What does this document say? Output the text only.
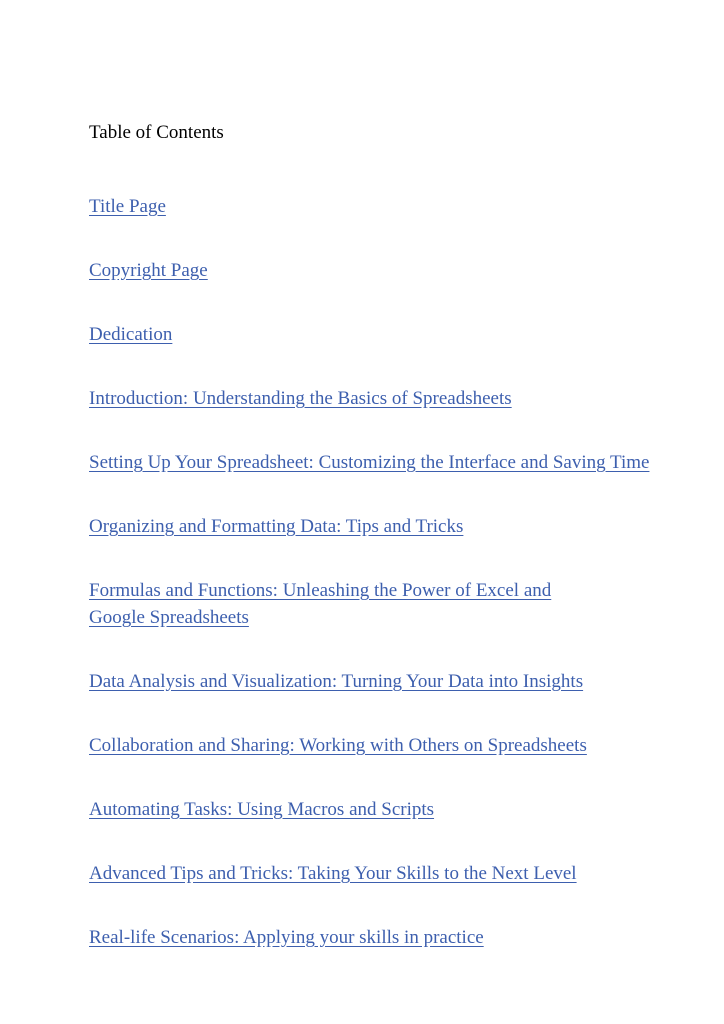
Table of Contents
Title Page
Copyright Page
Dedication
Introduction: Understanding the Basics of Spreadsheets
Setting Up Your Spreadsheet: Customizing the Interface and Saving Time
Organizing and Formatting Data: Tips and Tricks
Formulas and Functions: Unleashing the Power of Excel and Google Spreadsheets
Data Analysis and Visualization: Turning Your Data into Insights
Collaboration and Sharing: Working with Others on Spreadsheets
Automating Tasks: Using Macros and Scripts
Advanced Tips and Tricks: Taking Your Skills to the Next Level
Real-life Scenarios: Applying your skills in practice
